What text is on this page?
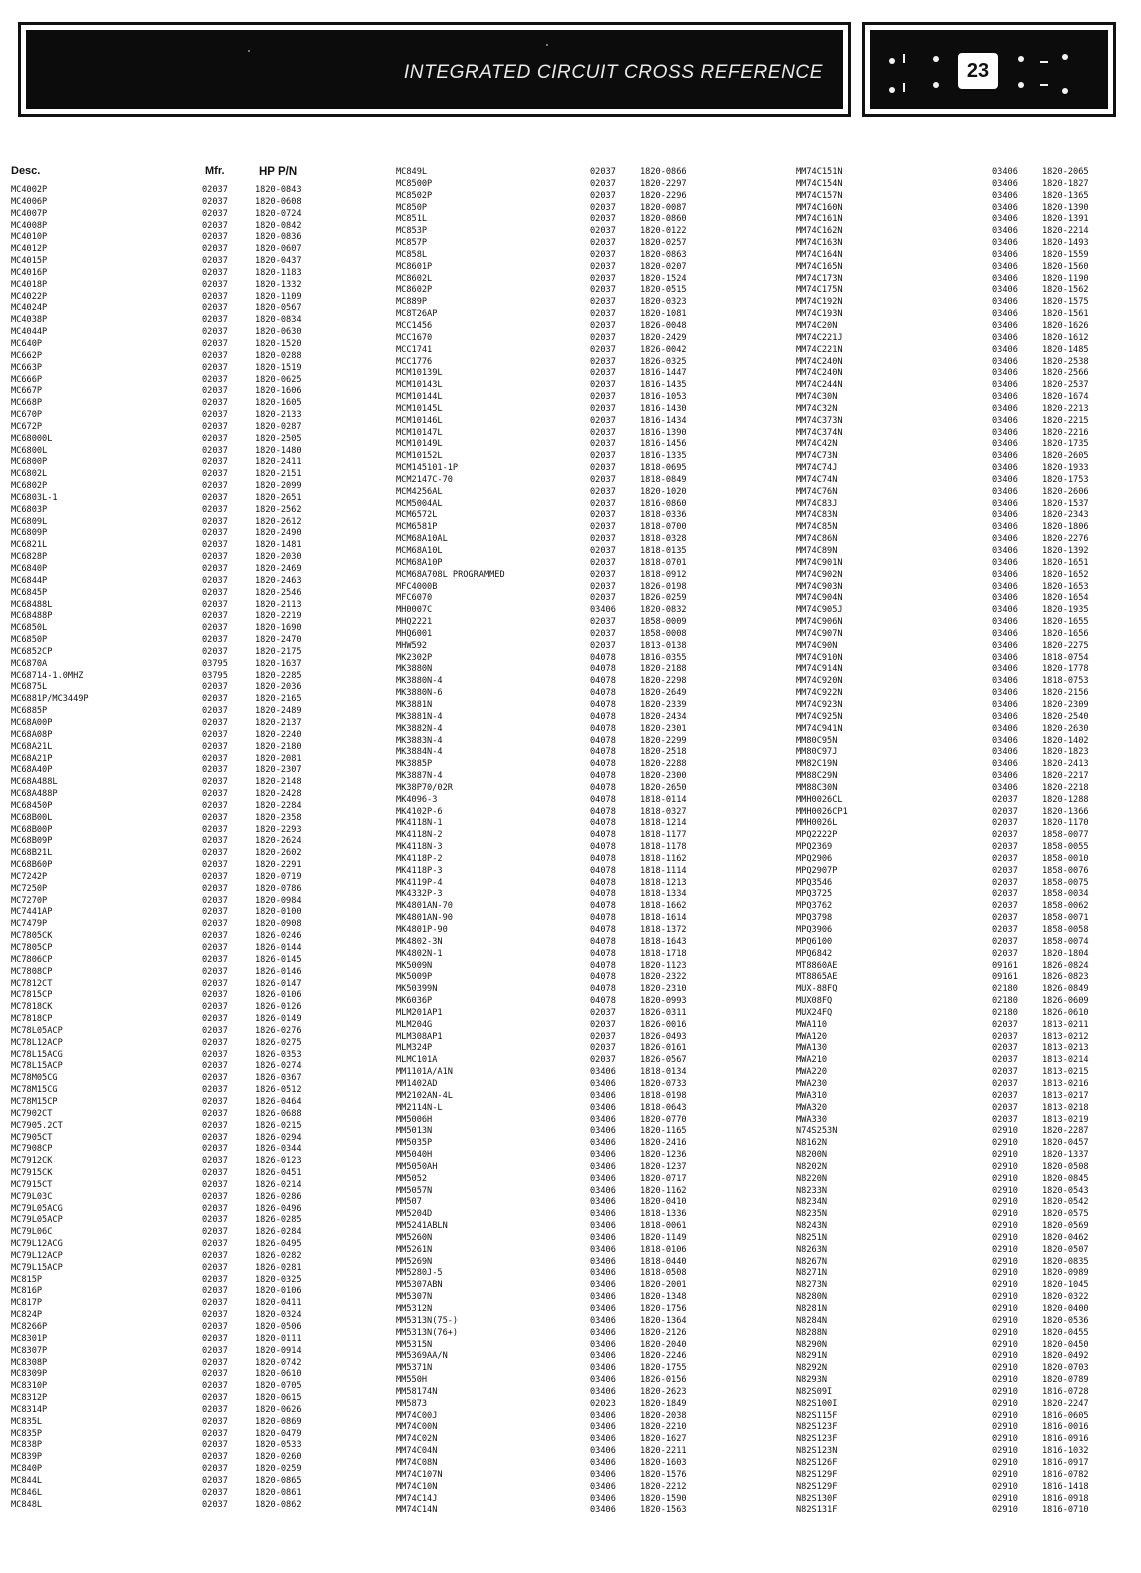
INTEGRATED CIRCUIT CROSS REFERENCE	23
Desc.	Mfr.	HP P/N
MC4002P	02037	1820-0843
MC4006P	02037	1820-0608
MC4007P	02037	1820-0724
MC4008P	02037	1820-0842
MC4010P	02037	1820-0836
MC4012P	02037	1820-0607
MC4015P	02037	1820-0437
MC4016P	02037	1820-1183
MC4018P	02037	1820-1332
MC4022P	02037	1820-1109
MC4024P	02037	1820-0567
MC4038P	02037	1820-0834
MC4044P	02037	1820-0630
MC640P	02037	1820-1520
MC662P	02037	1820-0288
MC663P	02037	1820-1519
MC666P	02037	1820-0625
MC667P	02037	1820-1606
MC668P	02037	1820-1605
MC670P	02037	1820-2133
MC672P	02037	1820-0287
MC68000L	02037	1820-2505
MC6800L	02037	1820-1480
MC6800P	02037	1820-2411
MC6802L	02037	1820-2151
MC6802P	02037	1820-2099
MC6803L-1	02037	1820-2651
MC6803P	02037	1820-2562
MC6809L	02037	1820-2612
MC6809P	02037	1820-2490
MC6821L	02037	1820-1481
MC6828P	02037	1820-2030
MC6840P	02037	1820-2469
MC6844P	02037	1820-2463
MC6845P	02037	1820-2546
MC68488L	02037	1820-2113
MC68488P	02037	1820-2219
MC6850L	02037	1820-1690
MC6850P	02037	1820-2470
MC6852CP	02037	1820-2175
MC6870A	03795	1820-1637
MC68714-1.0MHZ	03795	1820-2285
MC6875L	02037	1820-2036
MC6881P/MC3449P	02037	1820-2165
MC6885P	02037	1820-2489
MC68A00P	02037	1820-2137
MC68A08P	02037	1820-2240
MC68A21L	02037	1820-2180
MC68A21P	02037	1820-2081
MC68A40P	02037	1820-2307
MC68A488L	02037	1820-2148
MC68A488P	02037	1820-2428
MC68450P	02037	1820-2284
MC68B00L	02037	1820-2358
MC68B00P	02037	1820-2293
MC68B09P	02037	1820-2624
MC68B21L	02037	1820-2602
MC68B60P	02037	1820-2291
MC7242P	02037	1820-0719
MC7250P	02037	1820-0786
MC7270P	02037	1820-0984
MC7441AP	02037	1820-0100
MC7479P	02037	1820-0908
MC7805CK	02037	1826-0246
MC7805CP	02037	1826-0144
MC7806CP	02037	1826-0145
MC7808CP	02037	1826-0146
MC7812CT	02037	1826-0147
MC7815CP	02037	1826-0106
MC7818CK	02037	1826-0126
MC7818CP	02037	1826-0149
MC78L05ACP	02037	1826-0276
MC78L12ACP	02037	1826-0275
MC78L15ACG	02037	1826-0353
MC78L15ACP	02037	1826-0274
MC78M05CG	02037	1826-0367
MC78M15CG	02037	1826-0512
MC78M15CP	02037	1826-0464
MC7902CT	02037	1826-0688
MC7905.2CT	02037	1826-0215
MC7905CT	02037	1826-0294
MC7908CP	02037	1826-0344
MC7912CK	02037	1826-0123
MC7915CK	02037	1826-0451
MC7915CT	02037	1826-0214
MC79L03C	02037	1826-0286
MC79L05ACG	02037	1826-0496
MC79L05ACP	02037	1826-0285
MC79L06C	02037	1826-0284
MC79L12ACG	02037	1826-0495
MC79L12ACP	02037	1826-0282
MC79L15ACP	02037	1826-0281
MC815P	02037	1820-0325
MC816P	02037	1820-0106
MC817P	02037	1820-0411
MC824P	02037	1820-0324
MC8266P	02037	1820-0506
MC8301P	02037	1820-0111
MC8307P	02037	1820-0914
MC8308P	02037	1820-0742
MC8309P	02037	1820-0610
MC8310P	02037	1820-0705
MC8312P	02037	1820-0615
MC8314P	02037	1820-0626
MC835L	02037	1820-0869
MC835P	02037	1820-0479
MC838P	02037	1820-0533
MC839P	02037	1820-0260
MC840P	02037	1820-0259
MC844L	02037	1820-0865
MC846L	02037	1820-0861
MC848L	02037	1820-0862
MC849L	02037	1820-0866
MC8500P	02037	1820-2297
MC8502P	02037	1820-2296
MC850P	02037	1820-0087
MC851L	02037	1820-0860
MC853P	02037	1820-0122
MC857P	02037	1820-0257
MC858L	02037	1820-0863
MC8601P	02037	1820-0207
MC8602L	02037	1820-1524
MC8602P	02037	1820-0515
MC889P	02037	1820-0323
MC8T26AP	02037	1820-1081
MCC1456	02037	1826-0048
MCC1670	02037	1820-2429
MCC1741	02037	1826-0042
MCC1776	02037	1826-0325
MCM10139L	02037	1816-1447
MCM10143L	02037	1816-1435
MCM10144L	02037	1816-1053
MCM10145L	02037	1816-1430
MCM10146L	02037	1816-1434
MCM10147L	02037	1816-1390
MCM10149L	02037	1816-1456
MCM10152L	02037	1816-1335
MCM145101-1P	02037	1818-0695
MCM2147C-70	02037	1818-0849
MCM4256AL	02037	1820-1020
MCM5004AL	02037	1816-0860
MCM6572L	02037	1818-0336
MCM6581P	02037	1818-0700
MCM68A10AL	02037	1818-0328
MCM68A10L	02037	1818-0135
MCM68A10P	02037	1818-0701
MCM68A708L PROGRAMMED	02037	1818-0912
MFC4000B	02037	1826-0198
MFC6070	02037	1826-0259
MH0007C	03406	1820-0832
MHQ2221	02037	1858-0009
MHQ6001	02037	1858-0008
MHW592	02037	1813-0138
MK2302P	04078	1816-0355
MK3880N	04078	1820-2188
MK3880N-4	04078	1820-2298
MK3880N-6	04078	1820-2649
MK3881N	04078	1820-2339
MK3881N-4	04078	1820-2434
MK3882N-4	04078	1820-2301
MK3883N-4	04078	1820-2299
MK3884N-4	04078	1820-2518
MK3885P	04078	1820-2288
MK3887N-4	04078	1820-2300
MK38P70/02R	04078	1820-2650
MK4096-3	04078	1818-0114
MK4102P-6	04078	1818-0327
MK4118N-1	04078	1818-1214
MK4118N-2	04078	1818-1177
MK4118N-3	04078	1818-1178
MK4118P-2	04078	1818-1162
MK4118P-3	04078	1818-1114
MK4119P-4	04078	1818-1213
MK4332P-3	04078	1818-1334
MK4801AN-70	04078	1818-1662
MK4801AN-90	04078	1818-1614
MK4801P-90	04078	1818-1372
MK4802-3N	04078	1818-1643
MK4802N-1	04078	1818-1718
MK5009N	04078	1820-1123
MK5009P	04078	1820-2322
MK50399N	04078	1820-2310
MK6036P	04078	1820-0993
MLM201AP1	02037	1826-0311
MLM204G	02037	1826-0016
MLM308AP1	02037	1826-0493
MLM324P	02037	1826-0161
MLMC101A	02037	1826-0567
MM1101A/A1N	03406	1818-0134
MM1402AD	03406	1820-0733
MM2102AN-4L	03406	1818-0198
MM2114N-L	03406	1818-0643
MM5006H	03406	1820-0770
MM5013N	03406	1820-1165
MM5035P	03406	1820-2416
MM5040H	03406	1820-1236
MM5050AH	03406	1820-1237
MM5052	03406	1820-0717
MM5057N	03406	1820-1162
MM507	03406	1820-0410
MM5204D	03406	1818-1336
MM5241ABLN	03406	1818-0061
MM5260N	03406	1820-1149
MM5261N	03406	1818-0106
MM5269N	03406	1818-0440
MM5280J-5	03406	1818-0508
MM5307ABN	03406	1820-2001
MM5307N	03406	1820-1348
MM5312N	03406	1820-1756
MM5313N(75-)	03406	1820-1364
MM5313N(76+)	03406	1820-2126
MM5315N	03406	1820-2040
MM5369AA/N	03406	1820-2246
MM5371N	03406	1820-1755
MM550H	03406	1826-0156
MM58174N	03406	1820-2623
MM5873	02023	1820-1849
MM74C00J	03406	1820-2038
MM74C00N	03406	1820-2210
MM74C02N	03406	1820-1627
MM74C04N	03406	1820-2211
MM74C08N	03406	1820-1603
MM74C107N	03406	1820-1576
MM74C10N	03406	1820-2212
MM74C14J	03406	1820-1590
MM74C14N	03406	1820-1563
MM74C151N	03406	1820-2065
MM74C154N	03406	1820-1827
MM74C157N	03406	1820-1365
MM74C160N	03406	1820-1390
MM74C161N	03406	1820-1391
MM74C162N	03406	1820-2214
MM74C163N	03406	1820-1493
MM74C164N	03406	1820-1559
MM74C165N	03406	1820-1560
MM74C173N	03406	1820-1190
MM74C175N	03406	1820-1562
MM74C192N	03406	1820-1575
MM74C193N	03406	1820-1561
MM74C20N	03406	1820-1626
MM74C221J	03406	1820-1612
MM74C221N	03406	1820-1485
MM74C240N	03406	1820-2538
MM74C240N	03406	1820-2566
MM74C244N	03406	1820-2537
MM74C30N	03406	1820-1674
MM74C32N	03406	1820-2213
MM74C373N	03406	1820-2215
MM74C374N	03406	1820-2216
MM74C42N	03406	1820-1735
MM74C73N	03406	1820-2605
MM74C74J	03406	1820-1933
MM74C74N	03406	1820-1753
MM74C76N	03406	1820-2606
MM74C83J	03406	1820-1537
MM74C83N	03406	1820-2343
MM74C85N	03406	1820-1806
MM74C86N	03406	1820-2276
MM74C89N	03406	1820-1392
MM74C901N	03406	1820-1651
MM74C902N	03406	1820-1652
MM74C903N	03406	1820-1653
MM74C904N	03406	1820-1654
MM74C905J	03406	1820-1935
MM74C906N	03406	1820-1655
MM74C907N	03406	1820-1656
MM74C90N	03406	1820-2275
MM74C910N	03406	1818-0754
MM74C914N	03406	1820-1778
MM74C920N	03406	1818-0753
MM74C922N	03406	1820-2156
MM74C923N	03406	1820-2309
MM74C925N	03406	1820-2540
MM74C941N	03406	1820-2630
MM80C95N	03406	1820-1402
MM80C97J	03406	1820-1823
MM82C19N	03406	1820-2413
MM88C29N	03406	1820-2217
MM88C30N	03406	1820-2218
MMH0026CL	02037	1820-1288
MMH0026CP1	02037	1820-1366
MMH0026L	02037	1820-1170
MPQ2222P	02037	1858-0077
MPQ2369	02037	1858-0055
MPQ2906	02037	1858-0010
MPQ2907P	02037	1858-0076
MPQ3546	02037	1858-0075
MPQ3725	02037	1858-0034
MPQ3762	02037	1858-0062
MPQ3798	02037	1858-0071
MPQ3906	02037	1858-0058
MPQ6100	02037	1858-0074
MPQ6842	02037	1820-1804
MT8860AE	09161	1826-0824
MT8865AE	09161	1826-0823
MUX-88FQ	02180	1826-0849
MUX08FQ	02180	1826-0609
MUX24FQ	02180	1826-0610
MWA110	02037	1813-0211
MWA120	02037	1813-0212
MWA130	02037	1813-0213
MWA210	02037	1813-0214
MWA220	02037	1813-0215
MWA230	02037	1813-0216
MWA310	02037	1813-0217
MWA320	02037	1813-0218
MWA330	02037	1813-0219
N74S253N	02910	1820-2287
N8162N	02910	1820-0457
N8200N	02910	1820-1337
N8202N	02910	1820-0508
N8220N	02910	1820-0845
N8233N	02910	1820-0543
N8234N	02910	1820-0542
N8235N	02910	1820-0575
N8243N	02910	1820-0569
N8251N	02910	1820-0462
N8263N	02910	1820-0507
N8267N	02910	1820-0835
N8271N	02910	1820-0989
N8273N	02910	1820-1045
N8280N	02910	1820-0322
N8281N	02910	1820-0400
N8284N	02910	1820-0536
N8288N	02910	1820-0455
N8290N	02910	1820-0450
N8291N	02910	1820-0492
N8292N	02910	1820-0703
N8293N	02910	1820-0789
N82S09I	02910	1816-0728
N82S100I	02910	1820-2247
N82S115F	02910	1816-0605
N82S123F	02910	1816-0016
N82S123F	02910	1816-0916
N82S123N	02910	1816-1032
N82S126F	02910	1816-0917
N82S129F	02910	1816-0782
N82S129F	02910	1816-1418
N82S130F	02910	1816-0918
N82S131F	02910	1816-0710
